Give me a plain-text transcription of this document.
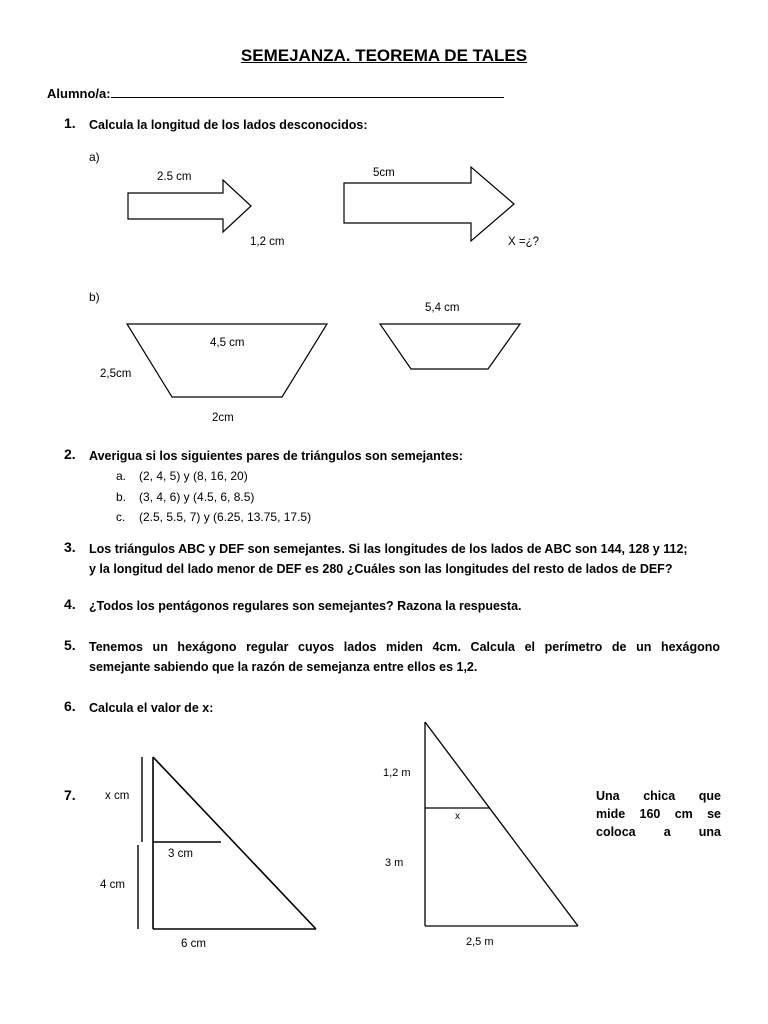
SEMEJANZA. TEOREMA DE TALES
Alumno/a:
1. Calcula la longitud de los lados desconocidos:
a)
2.5 cm
1,2 cm
5cm
X =¿?
b)
4,5 cm
2,5cm
2cm
5,4 cm
2. Averigua si los siguientes pares de triángulos son semejantes:
a. (2, 4, 5) y (8, 16, 20)
b. (3, 4, 6) y (4.5, 6, 8.5)
c. (2.5, 5.5, 7) y (6.25, 13.75, 17.5)
3. Los triángulos ABC y DEF son semejantes. Si las longitudes de los lados de ABC son 144, 128 y 112;
y la longitud del lado menor de DEF es 280 ¿Cuáles son las longitudes del resto de lados de DEF?
4. ¿Todos los pentágonos regulares son semejantes? Razona la respuesta.
5. Tenemos un hexágono regular cuyos lados miden 4cm. Calcula el perímetro de un hexágono
semejante sabiendo que la razón de semejanza entre ellos es 1,2.
6. Calcula el valor de x:
x cm
3 cm
4 cm
6 cm
1,2 m
x
3 m
2,5 m
7.	Una chica que
mide 160 cm se
coloca a una
